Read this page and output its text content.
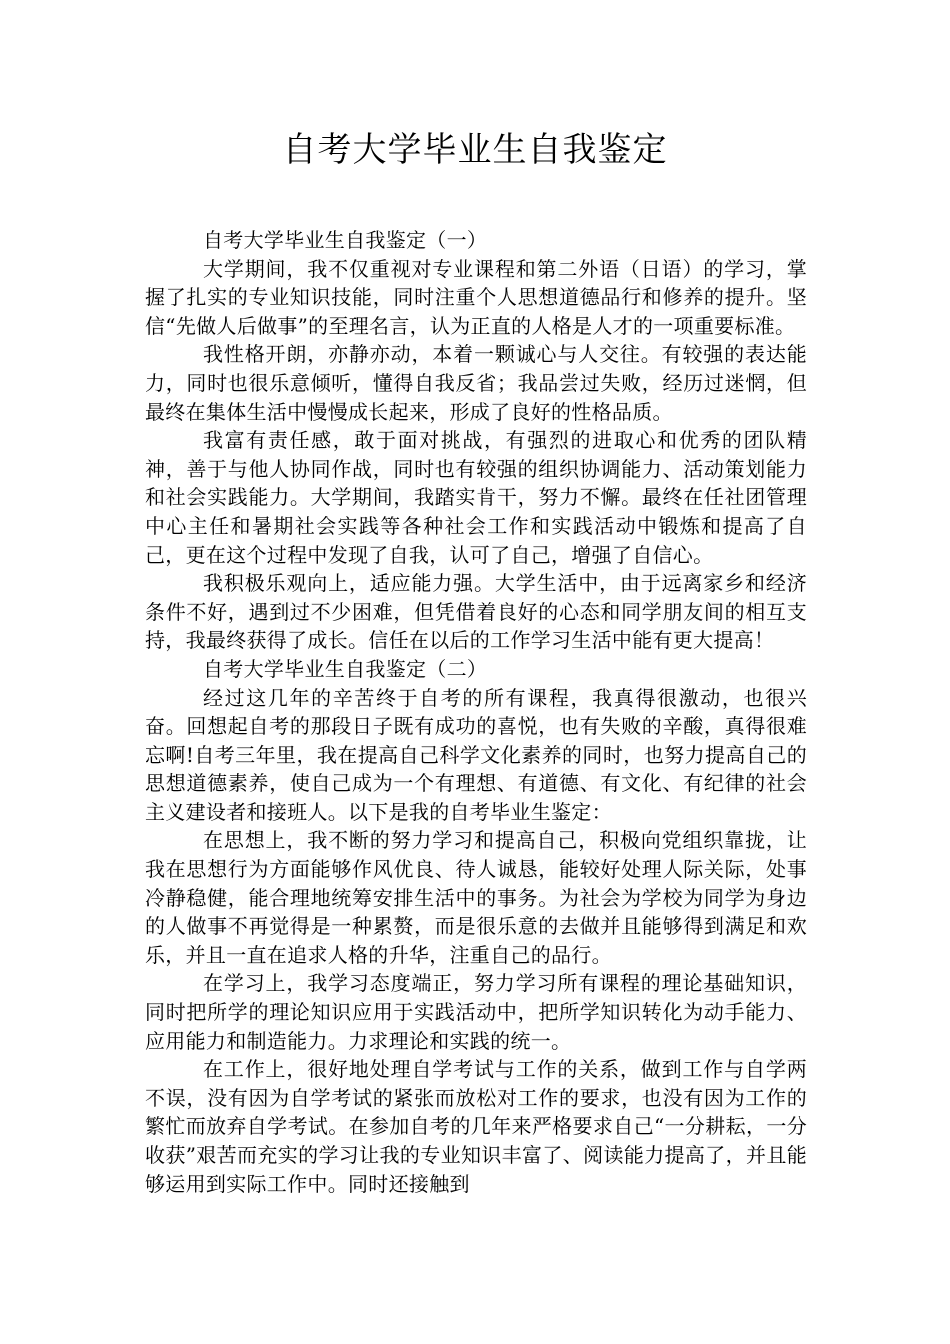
自考大学毕业生自我鉴定

自考大学毕业生自我鉴定（一）

大学期间，我不仅重视对专业课程和第二外语（日语）的学习，掌握了扎实的专业知识技能，同时注重个人思想道德品行和修养的提升。坚信“先做人后做事”的至理名言，认为正直的人格是人才的一项重要标准。

我性格开朗，亦静亦动，本着一颗诚心与人交往。有较强的表达能力，同时也很乐意倾听，懂得自我反省；我品尝过失败，经历过迷惘，但最终在集体生活中慢慢成长起来，形成了良好的性格品质。

我富有责任感，敢于面对挑战，有强烈的进取心和优秀的团队精神，善于与他人协同作战，同时也有较强的组织协调能力、活动策划能力和社会实践能力。大学期间，我踏实肯干，努力不懈。最终在任社团管理中心主任和暑期社会实践等各种社会工作和实践活动中锻炼和提高了自己，更在这个过程中发现了自我，认可了自己，增强了自信心。

我积极乐观向上，适应能力强。大学生活中，由于远离家乡和经济条件不好，遇到过不少困难，但凭借着良好的心态和同学朋友间的相互支持，我最终获得了成长。信任在以后的工作学习生活中能有更大提高！

自考大学毕业生自我鉴定（二）

经过这几年的辛苦终于自考的所有课程，我真得很激动，也很兴奋。回想起自考的那段日子既有成功的喜悦，也有失败的辛酸，真得很难忘啊!自考三年里，我在提高自己科学文化素养的同时，也努力提高自己的思想道德素养，使自己成为一个有理想、有道德、有文化、有纪律的社会主义建设者和接班人。以下是我的自考毕业生鉴定：

在思想上，我不断的努力学习和提高自己，积极向党组织靠拢，让我在思想行为方面能够作风优良、待人诚恳，能较好处理人际关际，处事冷静稳健，能合理地统筹安排生活中的事务。为社会为学校为同学为身边的人做事不再觉得是一种累赘，而是很乐意的去做并且能够得到满足和欢乐，并且一直在追求人格的升华，注重自己的品行。

在学习上，我学习态度端正，努力学习所有课程的理论基础知识，同时把所学的理论知识应用于实践活动中，把所学知识转化为动手能力、应用能力和制造能力。力求理论和实践的统一。

在工作上，很好地处理自学考试与工作的关系，做到工作与自学两不误，没有因为自学考试的紧张而放松对工作的要求，也没有因为工作的繁忙而放弃自学考试。在参加自考的几年来严格要求自己“一分耕耘，一分收获”艰苦而充实的学习让我的专业知识丰富了、阅读能力提高了，并且能够运用到实际工作中。同时还接触到
